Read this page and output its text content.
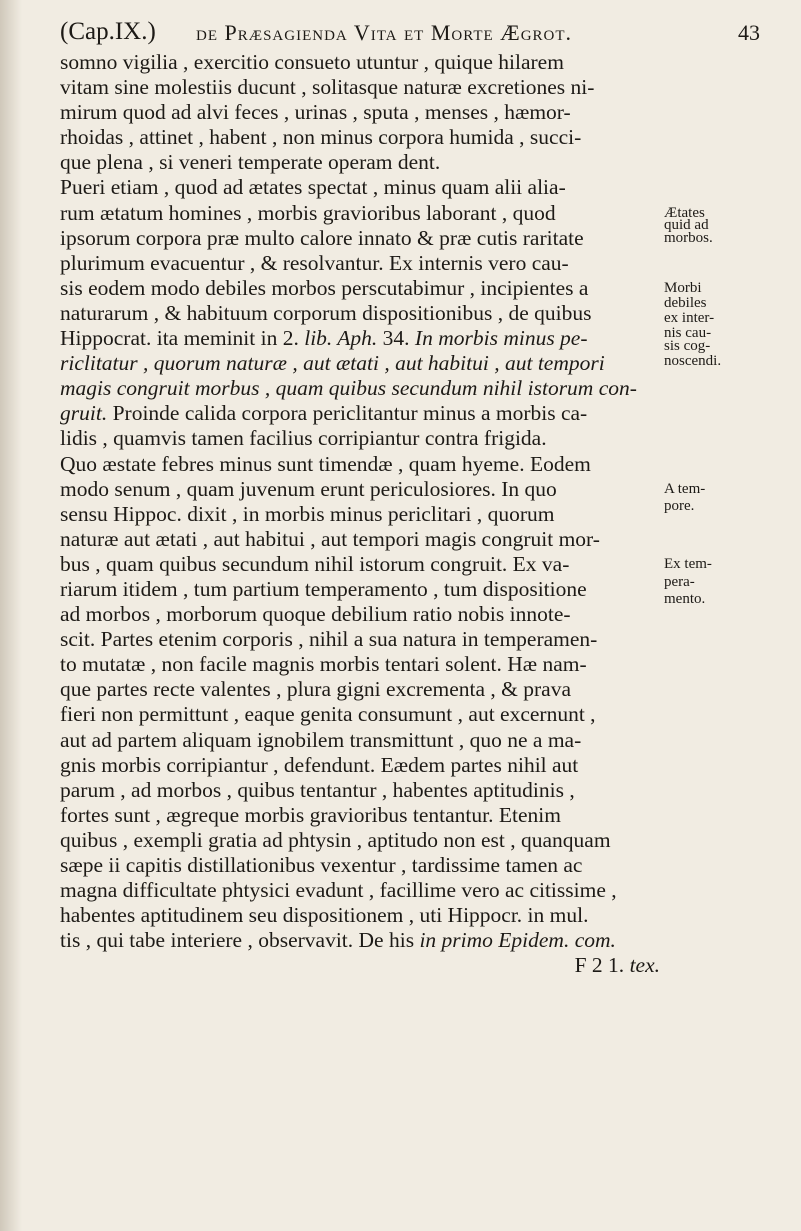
(Cap.IX.) de Præsagienda Vita et Morte Ægrot.	43
somno vigilia , exercitio consueto utuntur , quique hilarem
vitam sine molestiis ducunt , solitasque naturæ excretiones ni-
mirum quod ad alvi feces , urinas , sputa , menses , hæmor-
rhoidas , attinet , habent , non minus corpora humida , succi-
que plena , si veneri temperate operam dent.
Pueri etiam , quod ad ætates spectat , minus quam alii alia-
rum ætatum homines , morbis gravioribus laborant , quod
ipsorum corpora præ multo calore innato & præ cutis raritate
plurimum evacuentur , & resolvantur. Ex internis vero cau-
sis eodem modo debiles morbos perscutabimur , incipientes a
naturarum , & habituum corporum dispositionibus , de quibus
Hippocrat. ita meminit in 2. lib. Aph. 34. In morbis minus pe-
riclitatur , quorum naturæ , aut ætati , aut habitui , aut tempori
magis congruit morbus , quam quibus secundum nihil istorum con-
gruit. Proinde calida corpora periclitantur minus a morbis ca-
lidis , quamvis tamen facilius corripiantur contra frigida.
Quo æstate febres minus sunt timendæ , quam hyeme. Eodem
modo senum , quam juvenum erunt periculosiores. In quo
sensu Hippoc. dixit , in morbis minus periclitari , quorum
naturæ aut ætati , aut habitui , aut tempori magis congruit mor-
bus , quam quibus secundum nihil istorum congruit. Ex va-
riarum itidem , tum partium temperamento , tum dispositione
ad morbos , morborum quoque debilium ratio nobis innote-
scit. Partes etenim corporis , nihil a sua natura in temperamen-
to mutatæ , non facile magnis morbis tentari solent. Hæ nam-
que partes recte valentes , plura gigni excrementa , & prava
fieri non permittunt , eaque genita consumunt , aut excernunt ,
aut ad partem aliquam ignobilem transmittunt , quo ne a ma-
gnis morbis corripiantur , defendunt. Eædem partes nihil aut
parum , ad morbos , quibus tentantur , habentes aptitudinis ,
fortes sunt , ægreque morbis gravioribus tentantur. Etenim
quibus , exempli gratia ad phtysin , aptitudo non est , quanquam
sæpe ii capitis distillationibus vexentur , tardissime tamen ac
magna difficultate phtysici evadunt , facillime vero ac citissime ,
habentes aptitudinem seu dispositionem , uti Hippocr. in mul.
tis , qui tabe interiere , observavit. De his in primo Epidem. com.
F 2 1. tex.
Ætates
quid ad
morbos.
Morbi
debiles
ex inter-
nis cau-
sis cog-
noscendi.
A tem-
pore.
Ex tem-
pera-
mento.
